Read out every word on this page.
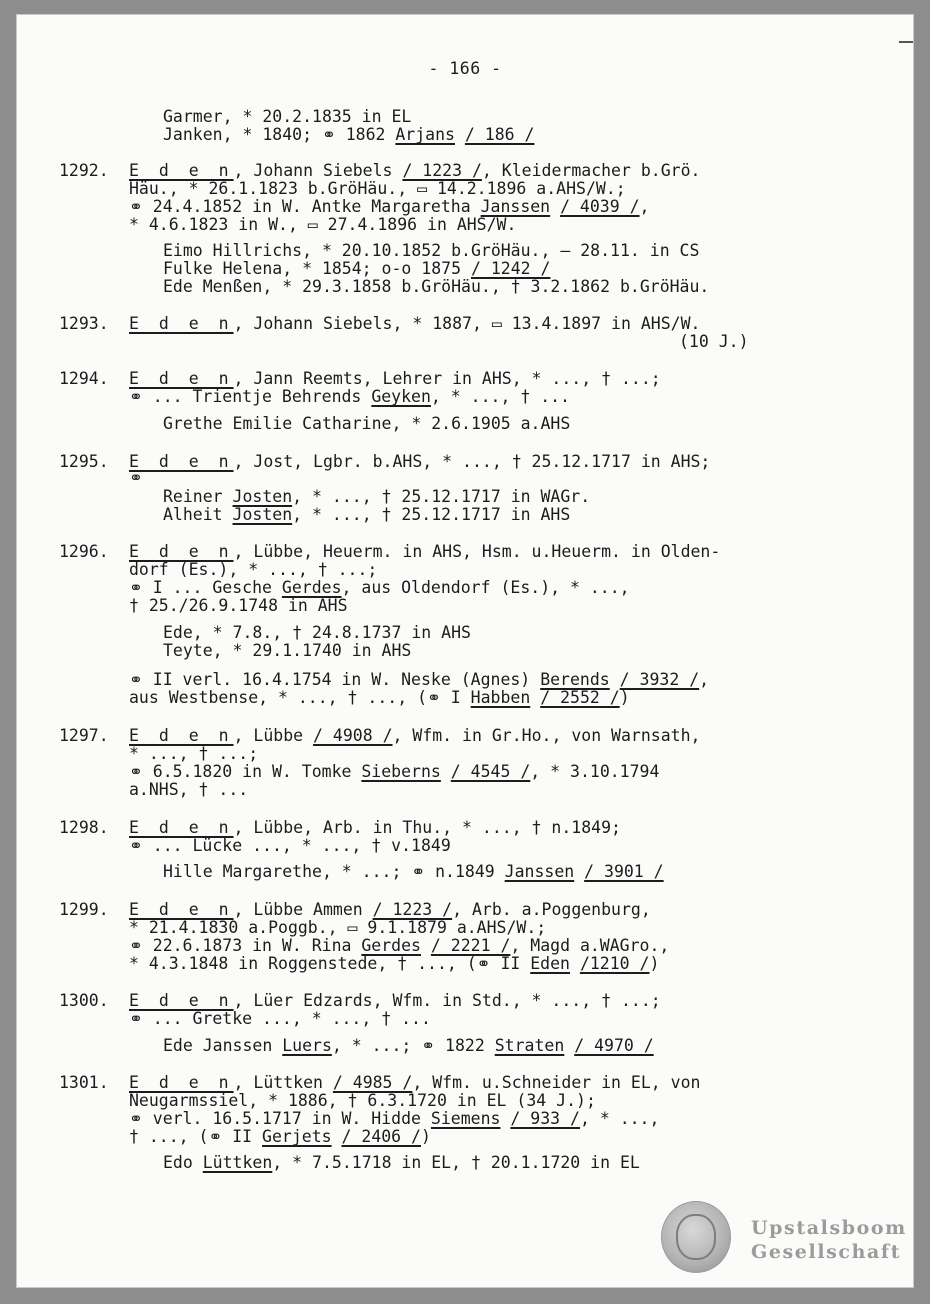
- 166 -
Garmer, * 20.2.1835 in EL
Janken, * 1840; ⚭ 1862 Arjans / 186 /
1292. E d e n, Johann Siebels / 1223 /, Kleidermacher b.Grö.
Häu., * 26.1.1823 b.GröHäu., ▭ 14.2.1896 a.AHS/W.;
⚭ 24.4.1852 in W. Antke Margaretha Janssen / 4039 /,
* 4.6.1823 in W., ▭ 27.4.1896 in AHS/W.
Eimo Hillrichs, * 20.10.1852 b.GröHäu., – 28.11. in CS
Fulke Helena, * 1854; o-o 1875 / 1242 /
Ede Menßen, * 29.3.1858 b.GröHäu., † 3.2.1862 b.GröHäu.
1293. E d e n, Johann Siebels, * 1887, ▭ 13.4.1897 in AHS/W.
(10 J.)
1294. E d e n, Jann Reemts, Lehrer in AHS, * ..., † ...;
⚭ ... Trientje Behrends Geyken, * ..., † ...
Grethe Emilie Catharine, * 2.6.1905 a.AHS
1295. E d e n, Jost, Lgbr. b.AHS, * ..., † 25.12.1717 in AHS;
⚭
Reiner Josten, * ..., † 25.12.1717 in WAGr.
Alheit Josten, * ..., † 25.12.1717 in AHS
1296. E d e n, Lübbe, Heuerm. in AHS, Hsm. u.Heuerm. in Olden-
dorf (Es.), * ..., † ...;
⚭ I ... Gesche Gerdes, aus Oldendorf (Es.), * ...,
† 25./26.9.1748 in AHS
Ede, * 7.8., † 24.8.1737 in AHS
Teyte, * 29.1.1740 in AHS
⚭ II verl. 16.4.1754 in W. Neske (Agnes) Berends / 3932 /,
aus Westbense, * ..., † ..., (⚭ I Habben / 2552 /)
1297. E d e n, Lübbe / 4908 /, Wfm. in Gr.Ho., von Warnsath,
* ..., † ...;
⚭ 6.5.1820 in W. Tomke Sieberns / 4545 /, * 3.10.1794
a.NHS, † ...
1298. E d e n, Lübbe, Arb. in Thu., * ..., † n.1849;
⚭ ... Lücke ..., * ..., † v.1849
Hille Margarethe, * ...; ⚭ n.1849 Janssen / 3901 /
1299. E d e n, Lübbe Ammen / 1223 /, Arb. a.Poggenburg,
* 21.4.1830 a.Poggb., ▭ 9.1.1879 a.AHS/W.;
⚭ 22.6.1873 in W. Rina Gerdes / 2221 /, Magd a.WAGro.,
* 4.3.1848 in Roggenstede, † ..., (⚭ II Eden /1210 /)
1300. E d e n, Lüer Edzards, Wfm. in Std., * ..., † ...;
⚭ ... Gretke ..., * ..., † ...
Ede Janssen Luers, * ...; ⚭ 1822 Straten / 4970 /
1301. E d e n, Lüttken / 4985 /, Wfm. u.Schneider in EL, von
Neugarmssiel, * 1886, † 6.3.1720 in EL (34 J.);
⚭ verl. 16.5.1717 in W. Hidde Siemens / 933 /, * ...,
† ..., (⚭ II Gerjets / 2406 /)
Edo Lüttken, * 7.5.1718 in EL, † 20.1.1720 in EL
Upstalsboom
Gesellschaft
